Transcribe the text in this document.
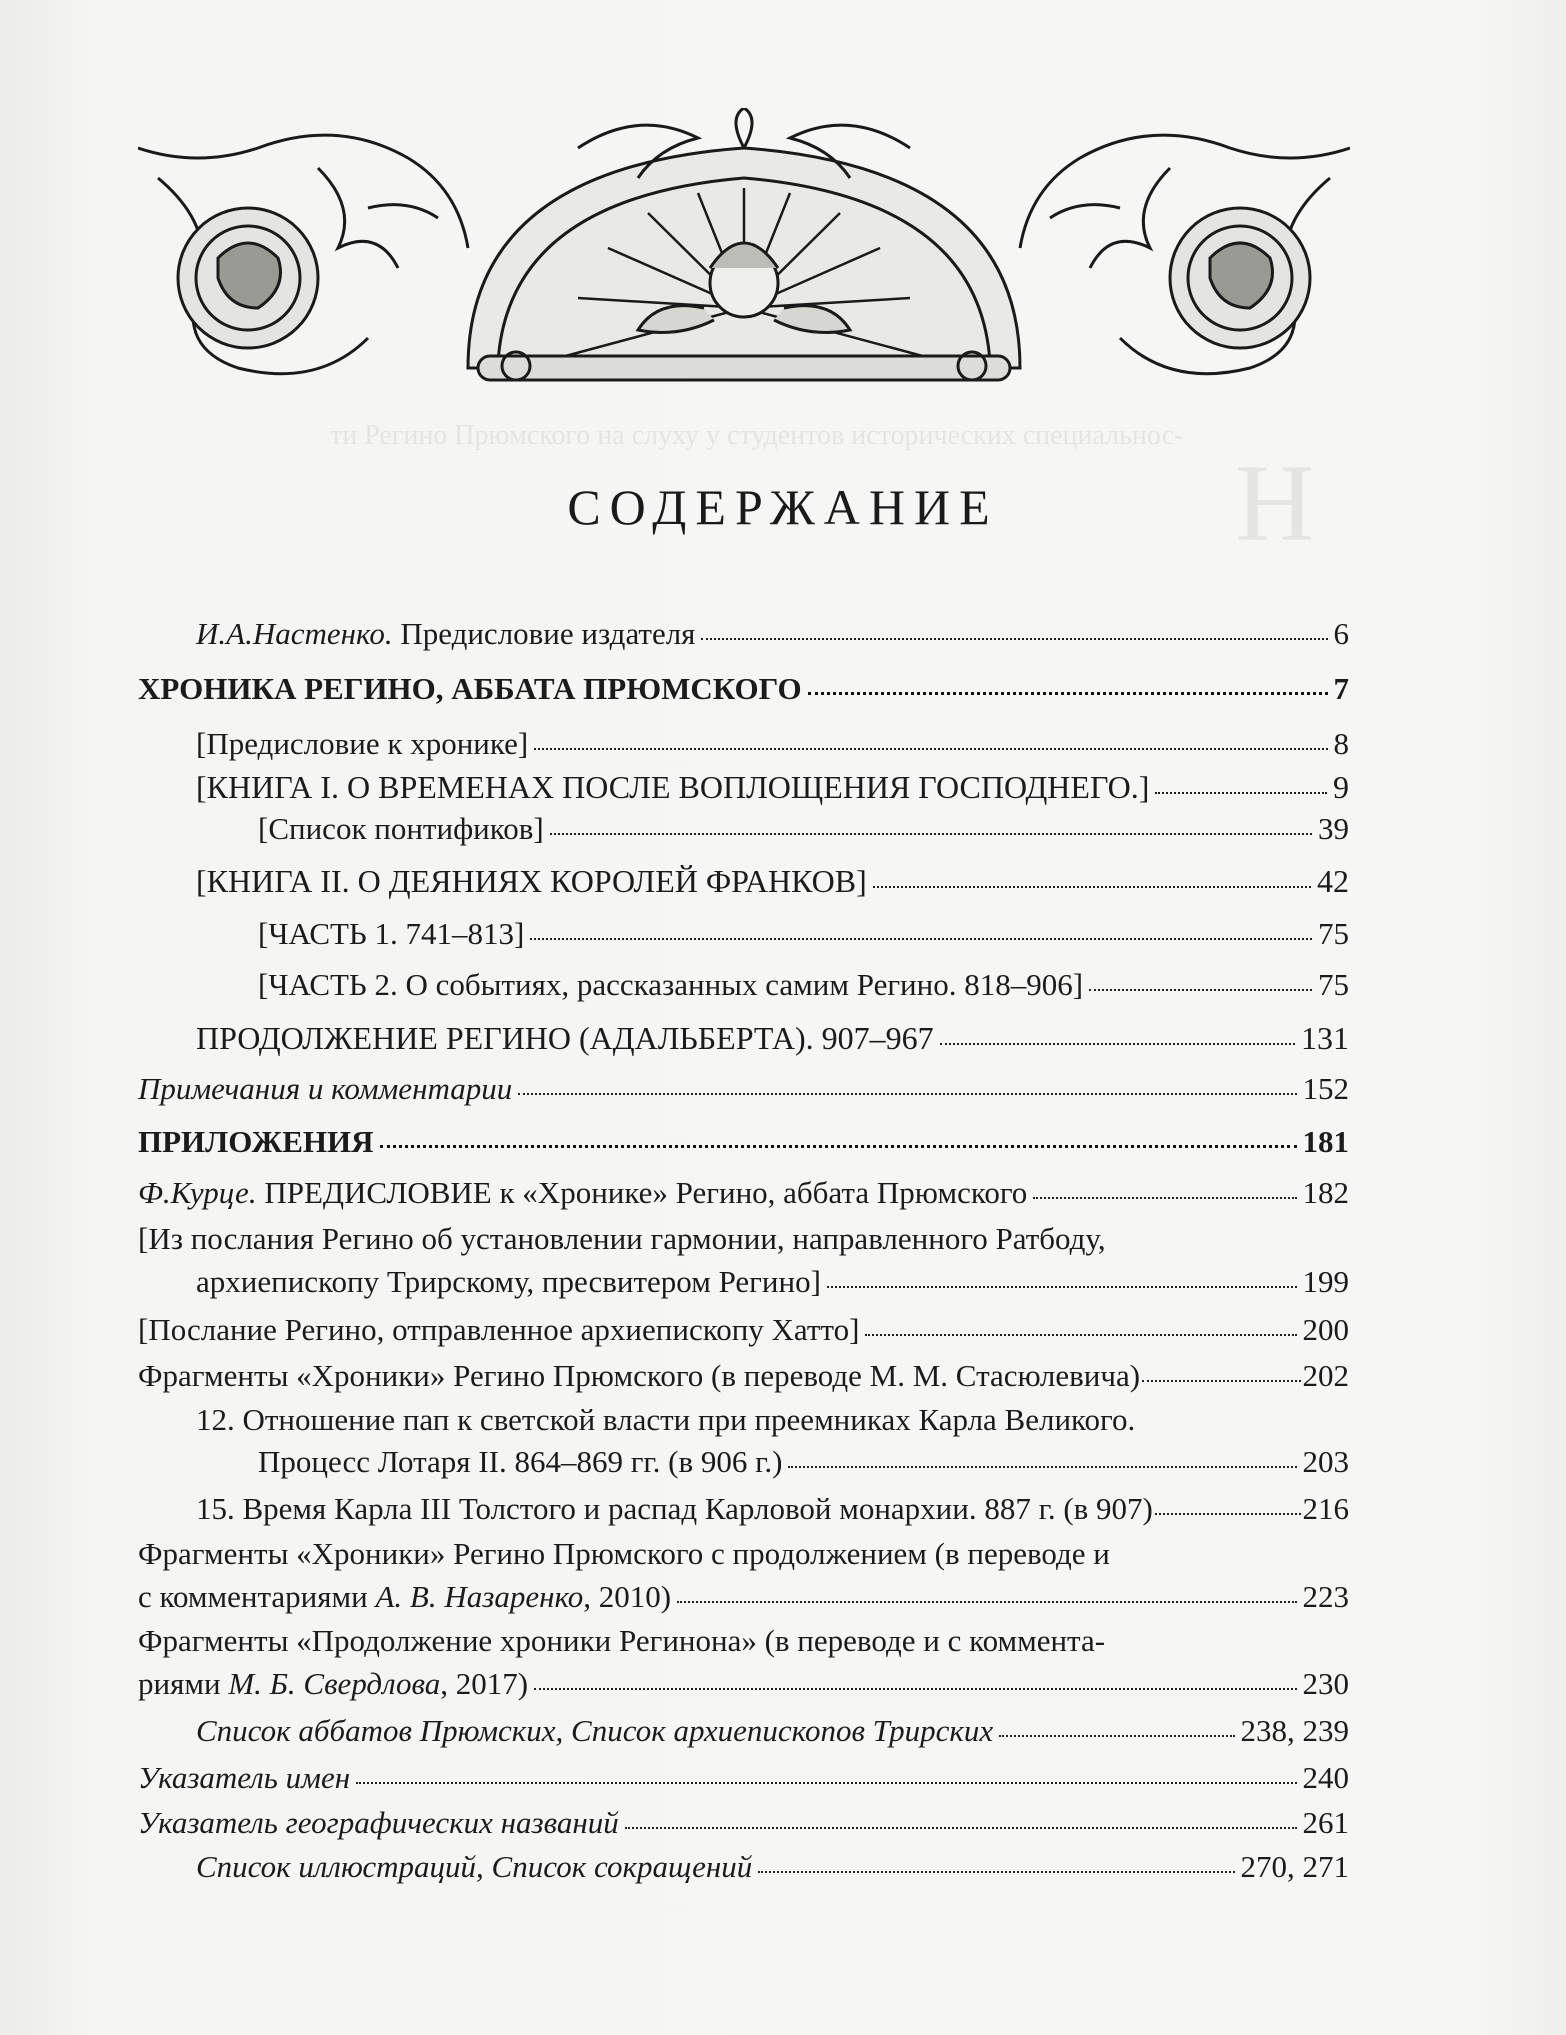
ти Регино Прюмского на слуху у студентов исторических специальнос-
Н
СОДЕРЖАНИЕ
И.А.Настенко. Предисловие издателя	6
ХРОНИКА РЕГИНО, АББАТА ПРЮМСКОГО	7
[Предисловие к хронике]	8
[КНИГА I. О ВРЕМЕНАХ ПОСЛЕ ВОПЛОЩЕНИЯ ГОСПОДНЕГО.]	9
[Список понтификов]	39
[КНИГА II. О ДЕЯНИЯХ КОРОЛЕЙ ФРАНКОВ]	42
[ЧАСТЬ 1. 741–813]	75
[ЧАСТЬ 2. О событиях, рассказанных самим Регино. 818–906]	75
ПРОДОЛЖЕНИЕ РЕГИНО (АДАЛЬБЕРТА). 907–967	131
Примечания и комментарии	152
ПРИЛОЖЕНИЯ	181
Ф.Курце. ПРЕДИСЛОВИЕ к «Хронике» Регино, аббата Прюмского	182
[Из послания Регино об установлении гармонии, направленного Ратбоду,
архиепископу Трирскому, пресвитером Регино]	199
[Послание Регино, отправленное архиепископу Хатто]	200
Фрагменты «Хроники» Регино Прюмского (в переводе М. М. Стасюлевича)	202
12. Отношение пап к светской власти при преемниках Карла Великого.
Процесс Лотаря II. 864–869 гг. (в 906 г.)	203
15. Время Карла III Толстого и распад Карловой монархии. 887 г. (в 907)	216
Фрагменты «Хроники» Регино Прюмского с продолжением (в переводе и
с комментариями А. В. Назаренко, 2010)	223
Фрагменты «Продолжение хроники Регинона» (в переводе и с коммента-
риями М. Б. Свердлова, 2017)	230
Список аббатов Прюмских, Список архиепископов Трирских	238, 239
Указатель имен	240
Указатель географических названий	261
Список иллюстраций, Список сокращений	270, 271
